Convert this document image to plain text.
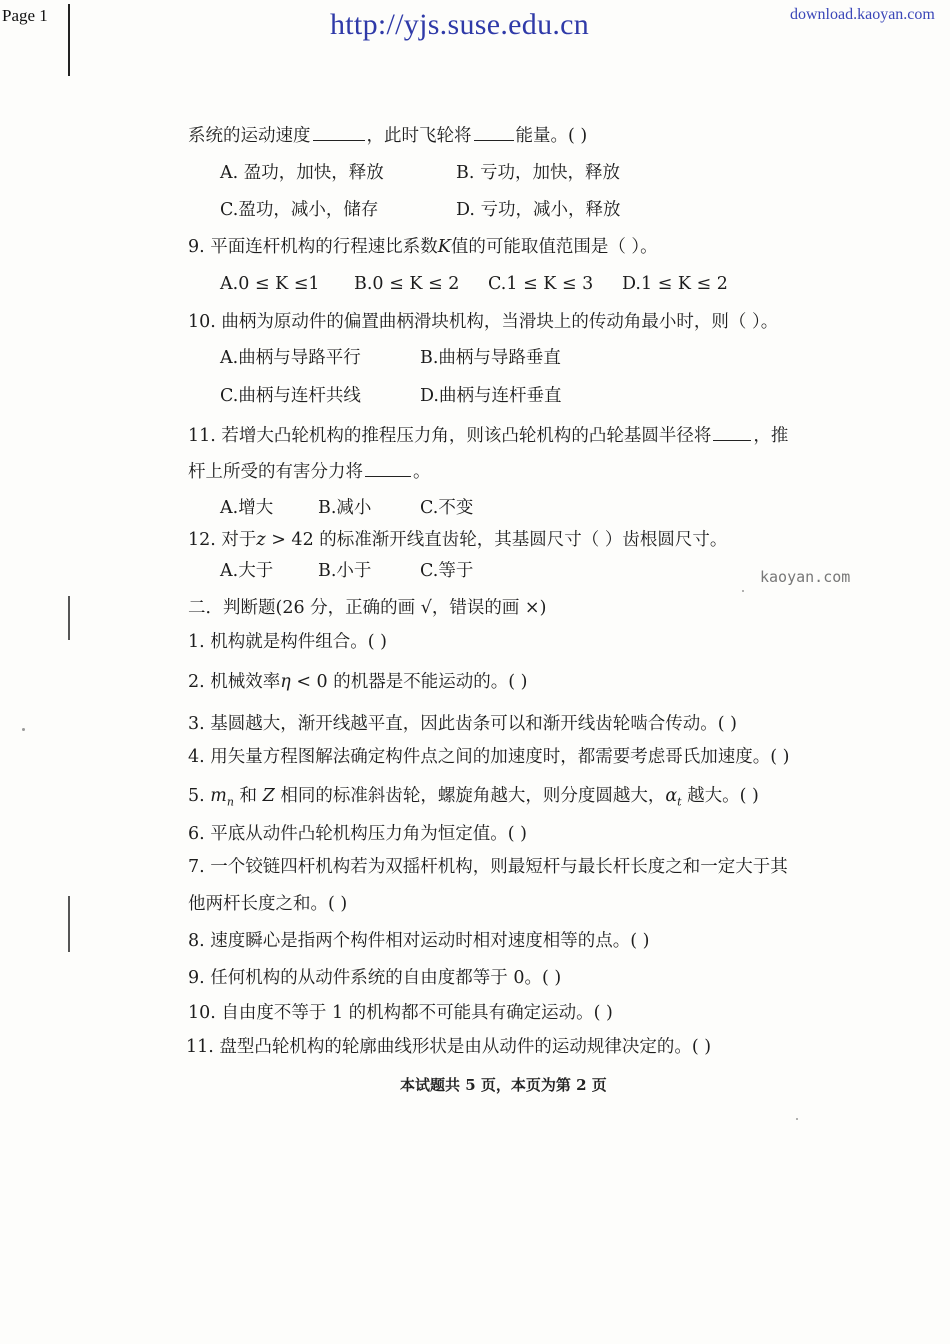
Page 1	http://yjs.suse.edu.cn	download.kaoyan.com
系统的运动速度	，此时飞轮将	能量。( )
A. 盈功，加快，释放	B. 亏功，加快，释放
C.盈功，减小，储存	D. 亏功，减小，释放
9. 平面连杆机构的行程速比系数K值的可能取值范围是（ ）。
A.0 ≤ K ≤1 B.0 ≤ K ≤ 2 C.1 ≤ K ≤ 3 D.1 ≤ K ≤ 2
10. 曲柄为原动件的偏置曲柄滑块机构，当滑块上的传动角最小时，则（ ）。
A.曲柄与导路平行	B.曲柄与导路垂直
C.曲柄与连杆共线	D.曲柄与连杆垂直
11. 若增大凸轮机构的推程压力角，则该凸轮机构的凸轮基圆半径将 ，推
杆上所受的有害分力将	。
A.增大	B.减小	C.不变
12. 对于z > 42 的标准渐开线直齿轮，其基圆尺寸（ ）齿根圆尺寸。
A.大于	B.小于	C.等于	kaoyan.com
二．判断题(26 分，正确的画 √，错误的画 ×)
1. 机构就是构件组合。( )
2. 机械效率η < 0 的机器是不能运动的。( )
3. 基圆越大，渐开线越平直，因此齿条可以和渐开线齿轮啮合传动。( )
4. 用矢量方程图解法确定构件点之间的加速度时，都需要考虑哥氏加速度。( )
5. $m_n$ 和 Z 相同的标准斜齿轮，螺旋角越大，则分度圆越大，$\alpha_t$ 越大。( )
6. 平底从动件凸轮机构压力角为恒定值。( )
7. 一个铰链四杆机构若为双摇杆机构，则最短杆与最长杆长度之和一定大于其
他两杆长度之和。( )
8. 速度瞬心是指两个构件相对运动时相对速度相等的点。( )
9. 任何机构的从动件系统的自由度都等于 0。( )
10. 自由度不等于 1 的机构都不可能具有确定运动。( )
11. 盘型凸轮机构的轮廓曲线形状是由从动件的运动规律决定的。( )
本试题共 5 页，本页为第 2 页
